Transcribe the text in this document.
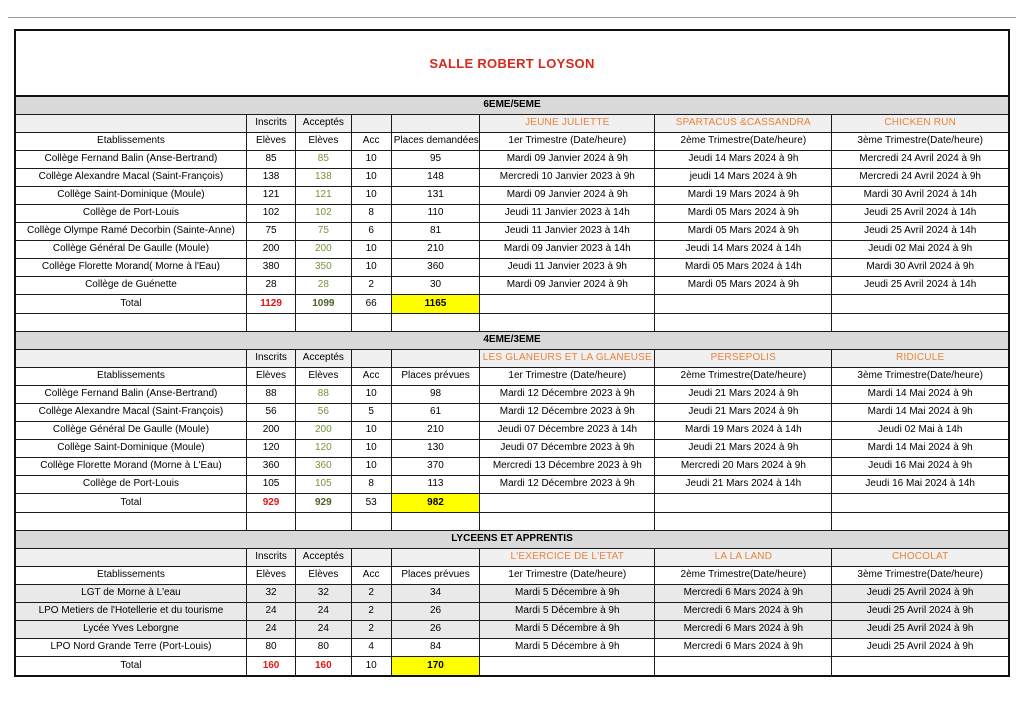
SALLE ROBERT LOYSON
6EME/5EME							
	Inscrits	Acceptés			JEUNE JULIETTE	SPARTACUS &CASSANDRA	CHICKEN RUN
Etablissements	Elèves	Elèves	Acc	Places demandées	1er Trimestre (Date/heure)	2ème Trimestre(Date/heure)	3ème Trimestre(Date/heure)
Collège Fernand Balin (Anse-Bertrand)	85	85	10	95	Mardi 09 Janvier 2024 à 9h	Jeudi 14 Mars 2024 à 9h	Mercredi 24 Avril 2024 à 9h
Collège Alexandre Macal (Saint-François)	138	138	10	148	Mercredi 10 Janvier 2023 à 9h	jeudi 14 Mars 2024 à 9h	Mercredi 24 Avril 2024 à 9h
Collège Saint-Dominique (Moule)	121	121	10	131	Mardi 09 Janvier 2024 à 9h	Mardi 19 Mars 2024 à 9h	Mardi 30 Avril 2024 à 14h
Collège de Port-Louis	102	102	8	110	Jeudi 11 Janvier 2023 à 14h	Mardi 05 Mars 2024 à 9h	Jeudi 25 Avril 2024 à 14h
Collège Olympe Ramé Decorbin (Sainte-Anne)	75	75	6	81	Jeudi 11 Janvier 2023 à 14h	Mardi 05 Mars 2024 à 9h	Jeudi 25 Avril 2024 à 14h
Collège Général De Gaulle (Moule)	200	200	10	210	Mardi 09 Janvier 2023 à 14h	Jeudi 14 Mars 2024 à 14h	Jeudi 02 Mai 2024 à 9h
Collège Florette Morand( Morne à l'Eau)	380	350	10	360	Jeudi 11 Janvier 2023 à 9h	Mardi 05 Mars 2024 à 14h	Mardi 30 Avril 2024 à 9h
Collège de Guénette	28	28	2	30	Mardi 09 Janvier 2024 à 9h	Mardi 05 Mars 2024 à 9h	Jeudi 25 Avril 2024 à 14h
Total	1129	1099	66	1165			

4EME/3EME							
	Inscrits	Acceptés			LES GLANEURS ET LA GLANEUSE	PERSEPOLIS	RIDICULE
Etablissements	Elèves	Elèves	Acc	Places prévues	1er Trimestre (Date/heure)	2ème Trimestre(Date/heure)	3ème Trimestre(Date/heure)
Collège Fernand Balin (Anse-Bertrand)	88	88	10	98	Mardi 12 Décembre 2023 à 9h	Jeudi 21 Mars 2024 à 9h	Mardi 14 Mai 2024 à 9h
Collège Alexandre Macal (Saint-François)	56	56	5	61	Mardi 12 Décembre 2023 à 9h	Jeudi 21 Mars 2024 à 9h	Mardi 14 Mai 2024 à 9h
Collège Général De Gaulle (Moule)	200	200	10	210	Jeudi 07 Décembre 2023 à 14h	Mardi 19 Mars 2024 à 14h	Jeudi 02 Mai à 14h
Collège Saint-Dominique (Moule)	120	120	10	130	Jeudi 07 Décembre 2023 à 9h	Jeudi 21 Mars 2024 à 9h	Mardi 14 Mai 2024 à 9h
Collège Florette Morand (Morne à L'Eau)	360	360	10	370	Mercredi 13 Décembre 2023 à 9h	Mercredi 20 Mars 2024 à 9h	Jeudi 16 Mai 2024 à 9h
Collège de Port-Louis	105	105	8	113	Mardi 12 Décembre 2023 à 9h	Jeudi 21 Mars 2024 à 14h	Jeudi 16 Mai 2024 à 14h
Total	929	929	53	982			

LYCEENS ET APPRENTIS							
	Inscrits	Acceptés			L'EXERCICE DE L'ETAT	LA LA LAND	CHOCOLAT
Etablissements	Elèves	Elèves	Acc	Places prévues	1er Trimestre (Date/heure)	2ème Trimestre(Date/heure)	3ème Trimestre(Date/heure)
LGT de Morne à L'eau	32	32	2	34	Mardi 5 Décembre à 9h	Mercredi 6 Mars 2024 à 9h	Jeudi 25 Avril 2024 à 9h
LPO Metiers de l'Hotellerie et du tourisme	24	24	2	26	Mardi 5 Décembre à 9h	Mercredi 6 Mars 2024 à 9h	Jeudi 25 Avril 2024 à 9h
Lycée Yves Leborgne	24	24	2	26	Mardi 5 Décembre à 9h	Mercredi 6 Mars 2024 à 9h	Jeudi 25 Avril 2024 à 9h
LPO Nord Grande Terre (Port-Louis)	80	80	4	84	Mardi 5 Décembre à 9h	Mercredi 6 Mars 2024 à 9h	Jeudi 25 Avril 2024 à 9h
Total	160	160	10	170			
